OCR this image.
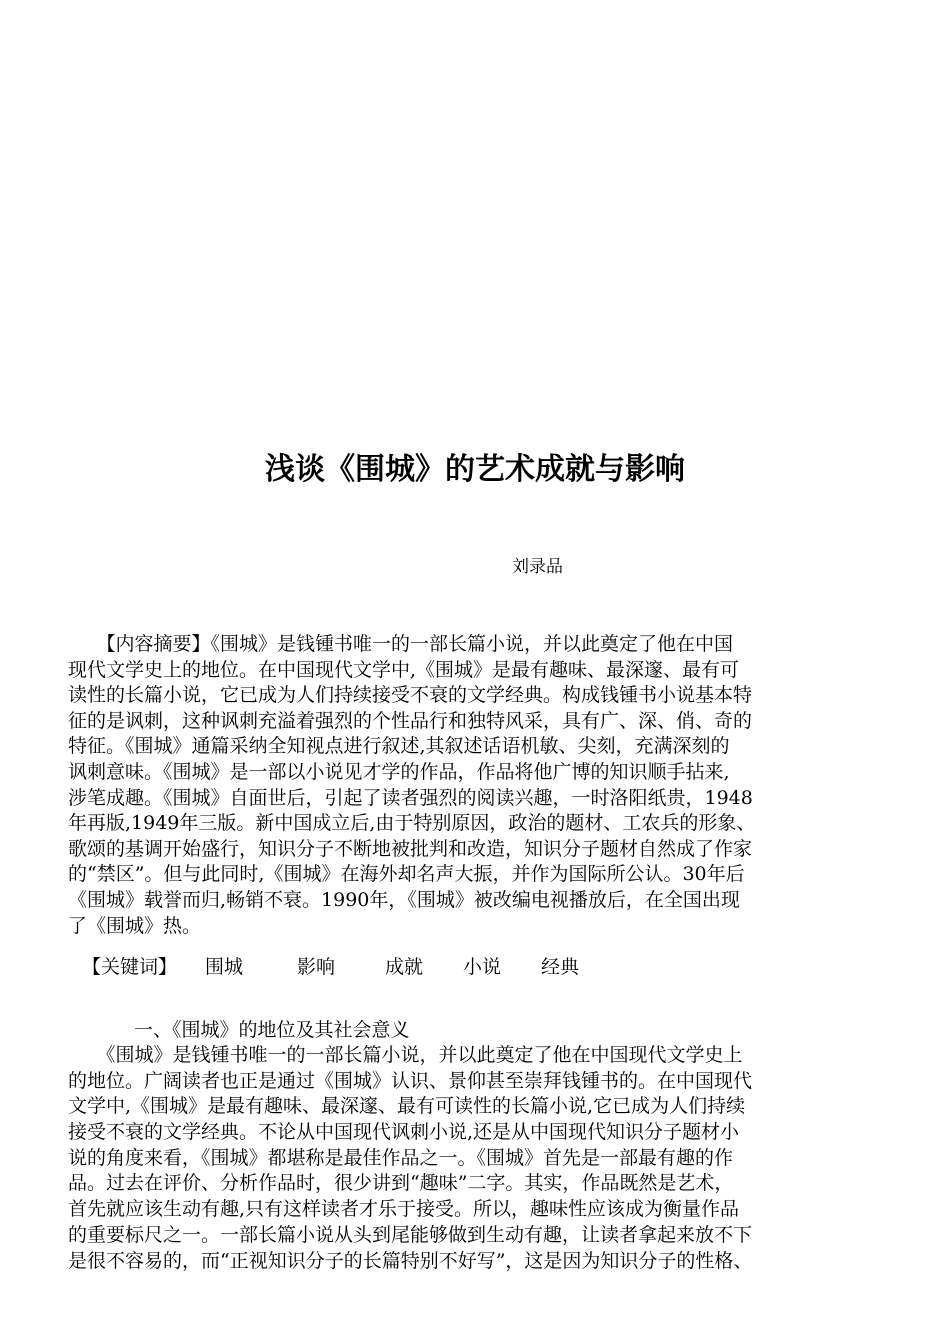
浅谈《围城》的艺术成就与影响
刘录品
　　【内容摘要】《围城》是钱锺书唯一的一部长篇小说，并以此奠定了他在中国
现代文学史上的地位。在中国现代文学中,《围城》是最有趣味、最深邃、最有可
读性的长篇小说，它已成为人们持续接受不衰的文学经典。构成钱锺书小说基本特
征的是讽刺，这种讽刺充溢着强烈的个性品行和独特风采，具有广、深、俏、奇的
特征。《围城》通篇采纳全知视点进行叙述,其叙述话语机敏、尖刻，充满深刻的
讽刺意味。《围城》是一部以小说见才学的作品，作品将他广博的知识顺手拈来,
涉笔成趣。《围城》自面世后，引起了读者强烈的阅读兴趣，一时洛阳纸贵，1948
年再版,1949年三版。新中国成立后,由于特别原因，政治的题材、工农兵的形象、
歌颂的基调开始盛行，知识分子不断地被批判和改造，知识分子题材自然成了作家
的“禁区”。但与此同时,《围城》在海外却名声大振，并作为国际所公认。30年后
《围城》载誉而归,畅销不衰。1990年，《围城》被改编电视播放后，在全国出现
了《围城》热。
【关键词】 围城	影响	成就 小说 经典
一、《围城》的地位及其社会意义
　　《围城》是钱锺书唯一的一部长篇小说，并以此奠定了他在中国现代文学史上
的地位。广阔读者也正是通过《围城》认识、景仰甚至崇拜钱锺书的。在中国现代
文学中,《围城》是最有趣味、最深邃、最有可读性的长篇小说,它已成为人们持续
接受不衰的文学经典。不论从中国现代讽刺小说,还是从中国现代知识分子题材小
说的角度来看，《围城》都堪称是最佳作品之一。《围城》首先是一部最有趣的作
品。过去在评价、分析作品时，很少讲到“趣味”二字。其实，作品既然是艺术，
首先就应该生动有趣,只有这样读者才乐于接受。所以，趣味性应该成为衡量作品
的重要标尺之一。一部长篇小说从头到尾能够做到生动有趣，让读者拿起来放不下
是很不容易的，而“正视知识分子的长篇特别不好写”，这是因为知识分子的性格、
